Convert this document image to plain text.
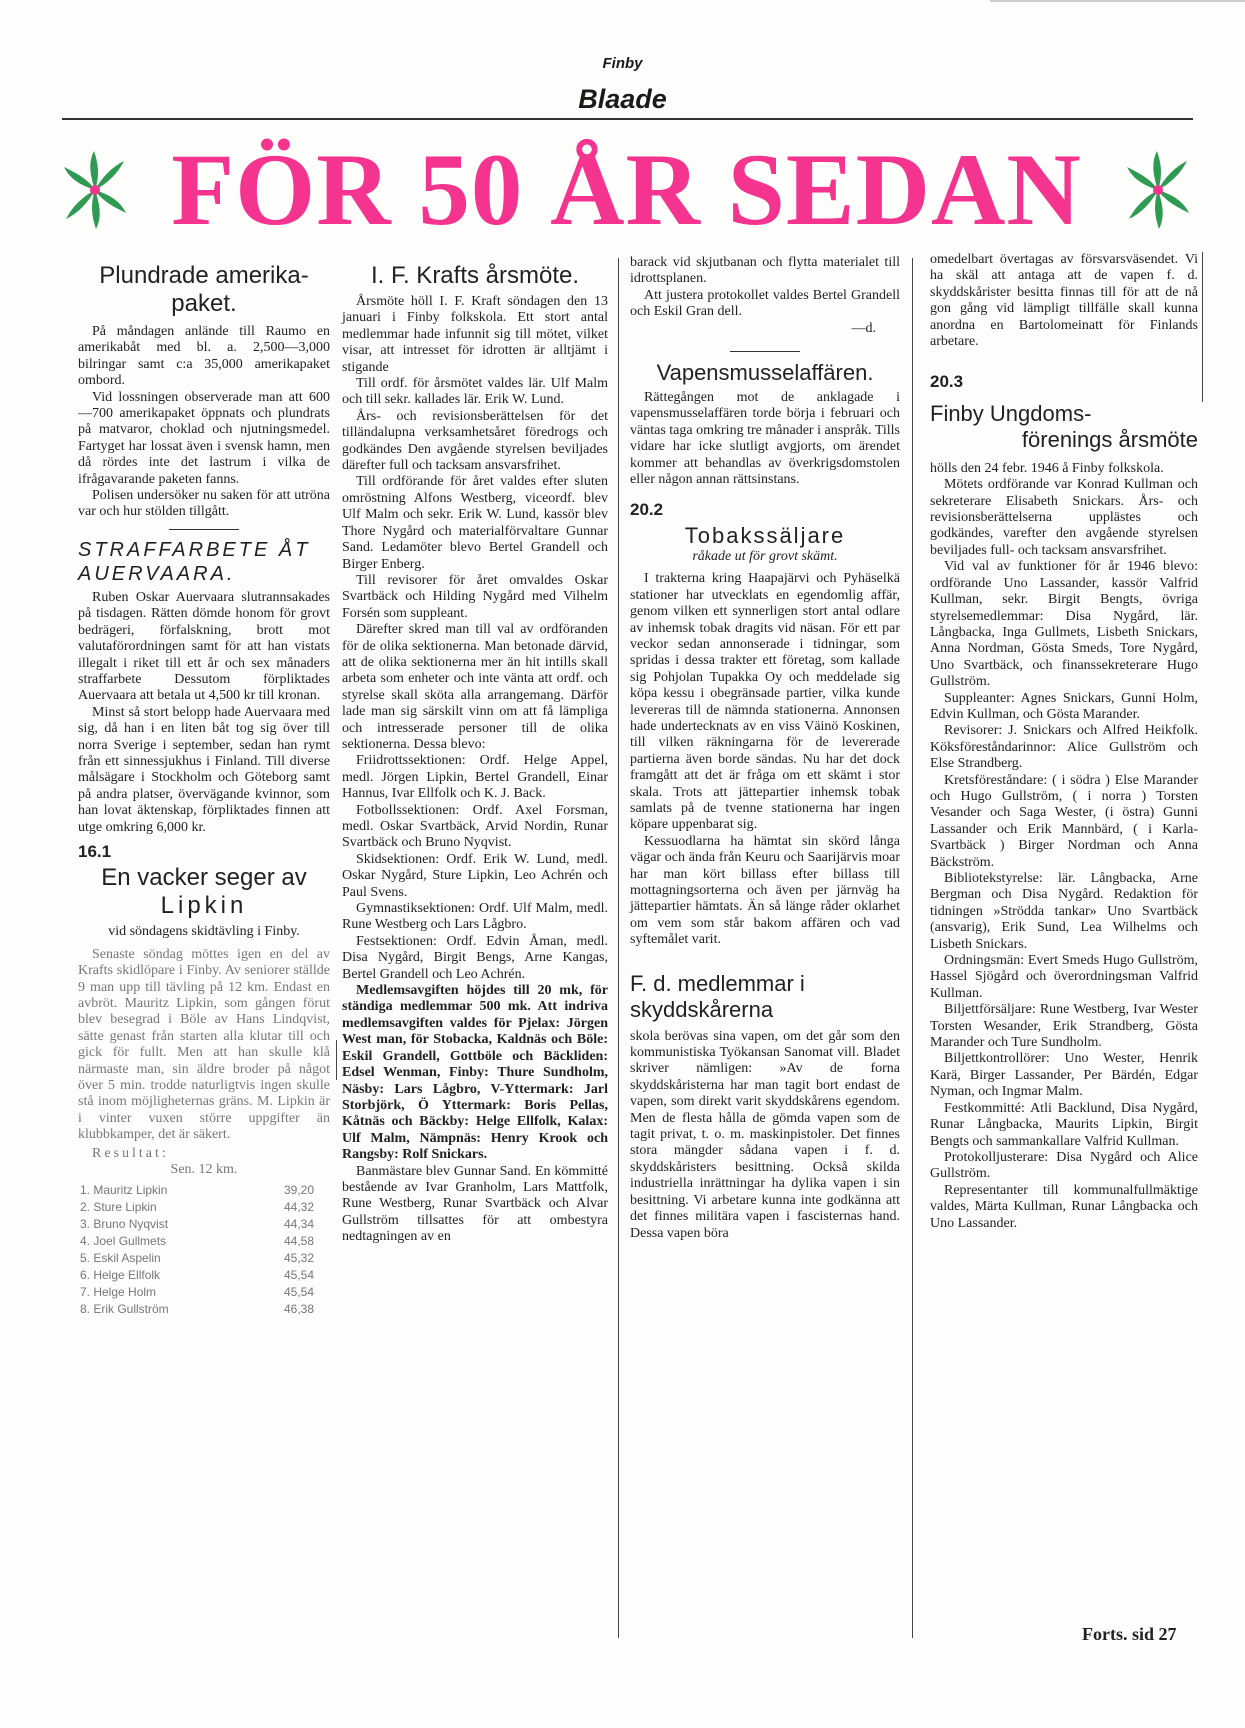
Finby
Blaade
FÖR 50 ÅR SEDAN
Plundrade amerika-
paket.

På måndagen anlände till Raumo en amerikabåt med bl. a. 2,500—3,000 bilringar samt c:a 35,000 amerikapaket ombord.

Vid lossningen observerade man att 600—700 amerikapaket öppnats och plundrats på matvaror, choklad och njutningsmedel. Fartyget har lossat även i svensk hamn, men då rördes inte det lastrum i vilka de ifrågavarande paketen fanns.

Polisen undersöker nu saken för att utröna var och hur stölden tillgått.

STRAFFARBETE ÅT AUERVAARA.

Ruben Oskar Auervaara slutrannsakades på tisdagen. Rätten dömde honom för grovt bedrägeri, förfalskning, brott mot valutaförordningen samt för att han vistats illegalt i riket till ett år och sex månaders straffarbete Dessutom förpliktades Auervaara att betala ut 4,500 kr till kronan.

Minst så stort belopp hade Auervaara med sig, då han i en liten båt tog sig över till norra Sverige i september, sedan han rymt från ett sinnessjukhus i Finland. Till diverse målsägare i Stockholm och Göteborg samt på andra platser, övervägande kvinnor, som han lovat äktenskap, förpliktades finnen att utge omkring 6,000 kr.

16.1
En vacker seger av
Lipkin

vid söndagens skidtävling i Finby.

Senaste söndag möttes igen en del av Krafts skidlöpare i Finby. Av seniorer ställde 9 man upp till tävling på 12 km. Endast en avbröt. Mauritz Lipkin, som gången förut blev besegrad i Böle av Hans Lindqvist, sätte genast från starten alla klutar till och gick för fullt. Men att han skulle klå närmaste man, sin äldre broder på något över 5 min. trodde naturligtvis ingen skulle stå inom möjligheternas gräns. M. Lipkin är i vinter vuxen större uppgifter än klubbkamper, det är säkert.

Resultat:

Sen. 12 km.

1. Mauritz Lipkin	39,20
2. Sture Lipkin	44,32
3. Bruno Nyqvist	44,34
4. Joel Gullmets	44,58
5. Eskil Aspelin	45,32
6. Helge Ellfolk	45,54
7. Helge Holm	45,54
8. Erik Gullström	46,38
I. F. Krafts årsmöte.

Årsmöte höll I. F. Kraft söndagen den 13 januari i Finby folkskola. Ett stort antal medlemmar hade infunnit sig till mötet, vilket visar, att intresset för idrotten är alltjämt i stigande

Till ordf. för årsmötet valdes lär. Ulf Malm och till sekr. kallades lär. Erik W. Lund.

Års- och revisionsberättelsen för det tilländalupna verksamhetsåret föredrogs och godkändes Den avgående styrelsen beviljades därefter full och tacksam ansvarsfrihet.

Till ordförande för året valdes efter sluten omröstning Alfons Westberg, viceordf. blev Ulf Malm och sekr. Erik W. Lund, kassör blev Thore Nygård och materialförvaltare Gunnar Sand. Ledamöter blevo Bertel Grandell och Birger Enberg.

Till revisorer för året omvaldes Oskar Svartbäck och Hilding Nygård med Vilhelm Forsén som suppleant.

Därefter skred man till val av ordföranden för de olika sektionerna. Man betonade därvid, att de olika sektionerna mer än hit intills skall arbeta som enheter och inte vänta att ordf. och styrelse skall sköta alla arrangemang. Därför lade man sig särskilt vinn om att få lämpliga och intresserade personer till de olika sektionerna. Dessa blevo:

Friidrottssektionen: Ordf. Helge Appel, medl. Jörgen Lipkin, Bertel Grandell, Einar Hannus, Ivar Ellfolk och K. J. Back.

Fotbollssektionen: Ordf. Axel Forsman, medl. Oskar Svartbäck, Arvid Nordin, Runar Svartbäck och Bruno Nyqvist.

Skidsektionen: Ordf. Erik W. Lund, medl. Oskar Nygård, Sture Lipkin, Leo Achrén och Paul Svens.

Gymnastiksektionen: Ordf. Ulf Malm, medl. Rune Westberg och Lars Lågbro.

Festsektionen: Ordf. Edvin Åman, medl. Disa Nygård, Birgit Bengs, Arne Kangas, Bertel Grandell och Leo Achrén.

Medlemsavgiften höjdes till 20 mk, för ständiga medlemmar 500 mk. Att indriva medlemsavgiften valdes för Pjelax: Jörgen West man, för Stobacka, Kaldnäs och Böle: Eskil Grandell, Gottböle och Bäckliden: Edsel Wenman, Finby: Thure Sundholm, Näsby: Lars Lågbro, V-Yttermark: Jarl Storbjörk, Ö Yttermark: Boris Pellas, Kåtnäs och Bäckby: Helge Ellfolk, Kalax: Ulf Malm, Nämpnäs: Henry Krook och Rangsby: Rolf Snickars.

Banmästare blev Gunnar Sand. En kömmitté bestående av Ivar Granholm, Lars Mattfolk, Rune Westberg, Runar Svartbäck och Alvar Gullström tillsattes för att ombestyra nedtagningen av en

barack vid skjutbanan och flytta materialet till idrottsplanen.

Att justera protokollet valdes Bertel Grandell och Eskil Gran dell.

—d.

Vapensmusselaffären.

Rättegången mot de anklagade i vapensmusselaffären torde börja i februari och väntas taga omkring tre månader i anspråk. Tills vidare har icke slutligt avgjorts, om ärendet kommer att behandlas av överkrigsdomstolen eller någon annan rättsinstans.

20.2
Tobakssäljare

råkade ut för grovt skämt.

I trakterna kring Haapajärvi och Pyhäselkä stationer har utvecklats en egendomlig affär, genom vilken ett synnerligen stort antal odlare av inhemsk tobak dragits vid näsan. För ett par veckor sedan annonserade i tidningar, som spridas i dessa trakter ett företag, som kallade sig Pohjolan Tupakka Oy och meddelade sig köpa kessu i obegränsade partier, vilka kunde levereras till de nämnda stationerna. Annonsen hade undertecknats av en viss Väinö Koskinen, till vilken räkningarna för de levererade partierna även borde sändas. Nu har det dock framgått att det är fråga om ett skämt i stor skala. Trots att jättepartier inhemsk tobak samlats på de tvenne stationerna har ingen köpare uppenbarat sig.

Kessuodlarna ha hämtat sin skörd långa vägar och ända från Keuru och Saarijärvis moar har man kört billass efter billass till mottagningsorterna och även per järnväg ha jättepartier hämtats. Än så länge råder oklarhet om vem som står bakom affären och vad syftemålet varit.

F. d. medlemmar i skyddskårerna

skola berövas sina vapen, om det går som den kommunistiska Työkansan Sanomat vill. Bladet skriver nämligen: »Av de forna skyddskåristerna har man tagit bort endast de vapen, som direkt varit skyddskårens egendom. Men de flesta hålla de gömda vapen som de tagit privat, t. o. m. maskinpistoler. Det finnes stora mängder sådana vapen i f. d. skyddskåristers besittning. Också skilda industriella inrättningar ha dylika vapen i sin besittning. Vi arbetare kunna inte godkänna att det finnes militära vapen i fascisternas hand. Dessa vapen böra

omedelbart övertagas av försvarsväsendet. Vi ha skäl att antaga att de vapen f. d. skyddskårister besitta finnas till för att de nå gon gång vid lämpligt tillfälle skall kunna anordna en Bartolomeinatt för Finlands arbetare.

20.3
Finby Ungdoms-
förenings årsmöte

hölls den 24 febr. 1946 å Finby folkskola.

Mötets ordförande var Konrad Kullman och sekreterare Elisabeth Snickars. Års- och revisionsberättelserna upplästes och godkändes, varefter den avgående styrelsen beviljades full- och tacksam ansvarsfrihet.

Vid val av funktioner för år 1946 blevo: ordförande Uno Lassander, kassör Valfrid Kullman, sekr. Birgit Bengts, övriga styrelsemedlemmar: Disa Nygård, lär. Långbacka, Inga Gullmets, Lisbeth Snickars, Anna Nordman, Gösta Smeds, Tore Nygård, Uno Svartbäck, och finanssekreterare Hugo Gullström.

Suppleanter: Agnes Snickars, Gunni Holm, Edvin Kullman, och Gösta Marander.

Revisorer: J. Snickars och Alfred Heikfolk. Köksföreståndarinnor: Alice Gullström och Else Strandberg.

Kretsföreståndare: ( i södra ) Else Marander och Hugo Gullström, ( i norra ) Torsten Vesander och Saga Wester, (i östra) Gunni Lassander och Erik Mannbärd, ( i Karla-Svartbäck ) Birger Nordman och Anna Bäckström.

Bibliotekstyrelse: lär. Långbacka, Arne Bergman och Disa Nygård. Redaktion för tidningen »Strödda tankar» Uno Svartbäck (ansvarig), Erik Sund, Lea Wilhelms och Lisbeth Snickars.

Ordningsmän: Evert Smeds Hugo Gullström, Hassel Sjögård och överordningsman Valfrid Kullman.

Biljettförsäljare: Rune Westberg, Ivar Wester Torsten Wesander, Erik Strandberg, Gösta Marander och Ture Sundholm.

Biljettkontrollörer: Uno Wester, Henrik Karä, Birger Lassander, Per Bärdén, Edgar Nyman, och Ingmar Malm.

Festkommitté: Atli Backlund, Disa Nygård, Runar Långbacka, Maurits Lipkin, Birgit Bengts och sammankallare Valfrid Kullman.

Protokolljusterare: Disa Nygård och Alice Gullström.

Representanter till kommunalfullmäktige valdes, Märta Kullman, Runar Långbacka och Uno Lassander.

Forts. sid 27
